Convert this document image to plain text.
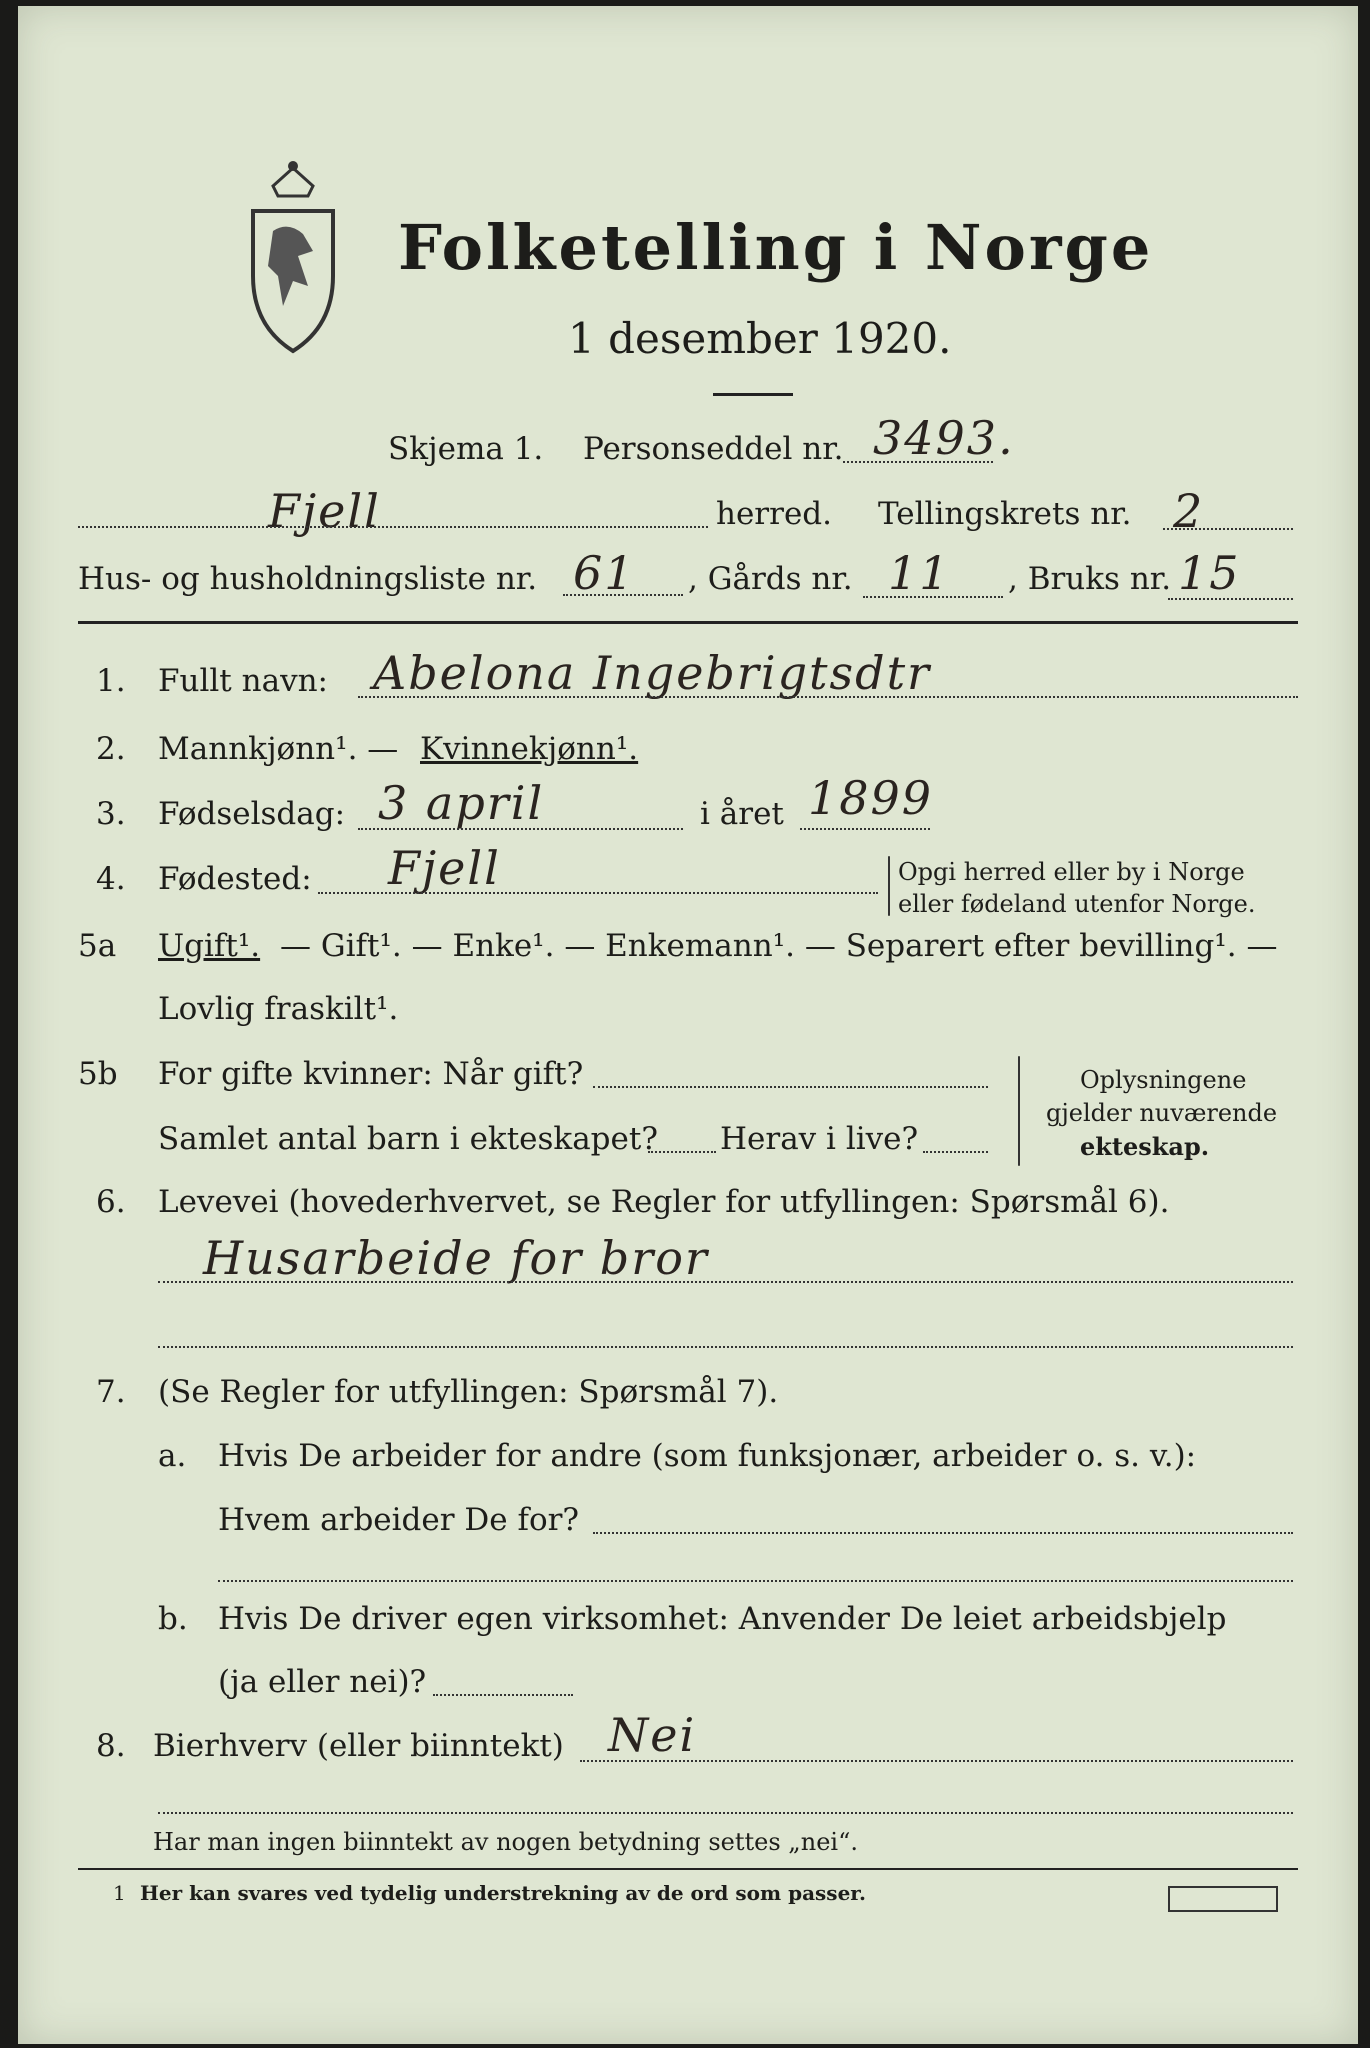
Folketelling i Norge
1 desember 1920.
Skjema 1. Personseddel nr. 3493.
Fjell	herred. Tellingskrets nr. 2
Hus- og husholdningsliste nr. 61 , Gårds nr. 11 , Bruks nr. 15
1. Fullt navn: Abelona Ingebrigtsdtr
2. Mannkjønn¹. — Kvinnekjønn¹.
3. Fødselsdag: 3 april	i året 1899
4. Fødested: Fjell	Opgi herred eller by i Norge
eller fødeland utenfor Norge.
5a Ugift¹. — Gift¹. — Enke¹. — Enkemann¹. — Separert efter bevilling¹. —
Lovlig fraskilt¹.
5b For gifte kvinner: Når gift?
Samlet antal barn i ekteskapet? Herav i live?
Oplysningene
gjelder nuværende
ekteskap.
6. Levevei (hovederhvervet, se Regler for utfyllingen: Spørsmål 6).
Husarbeide for bror
7. (Se Regler for utfyllingen: Spørsmål 7).
a. Hvis De arbeider for andre (som funksjonær, arbeider o. s. v.):
Hvem arbeider De for?
b. Hvis De driver egen virksomhet: Anvender De leiet arbeidsbjelp
(ja eller nei)?
8. Bierhverv (eller biinntekt) Nei
Har man ingen biinntekt av nogen betydning settes „nei“.
1 Her kan svares ved tydelig understrekning av de ord som passer.
